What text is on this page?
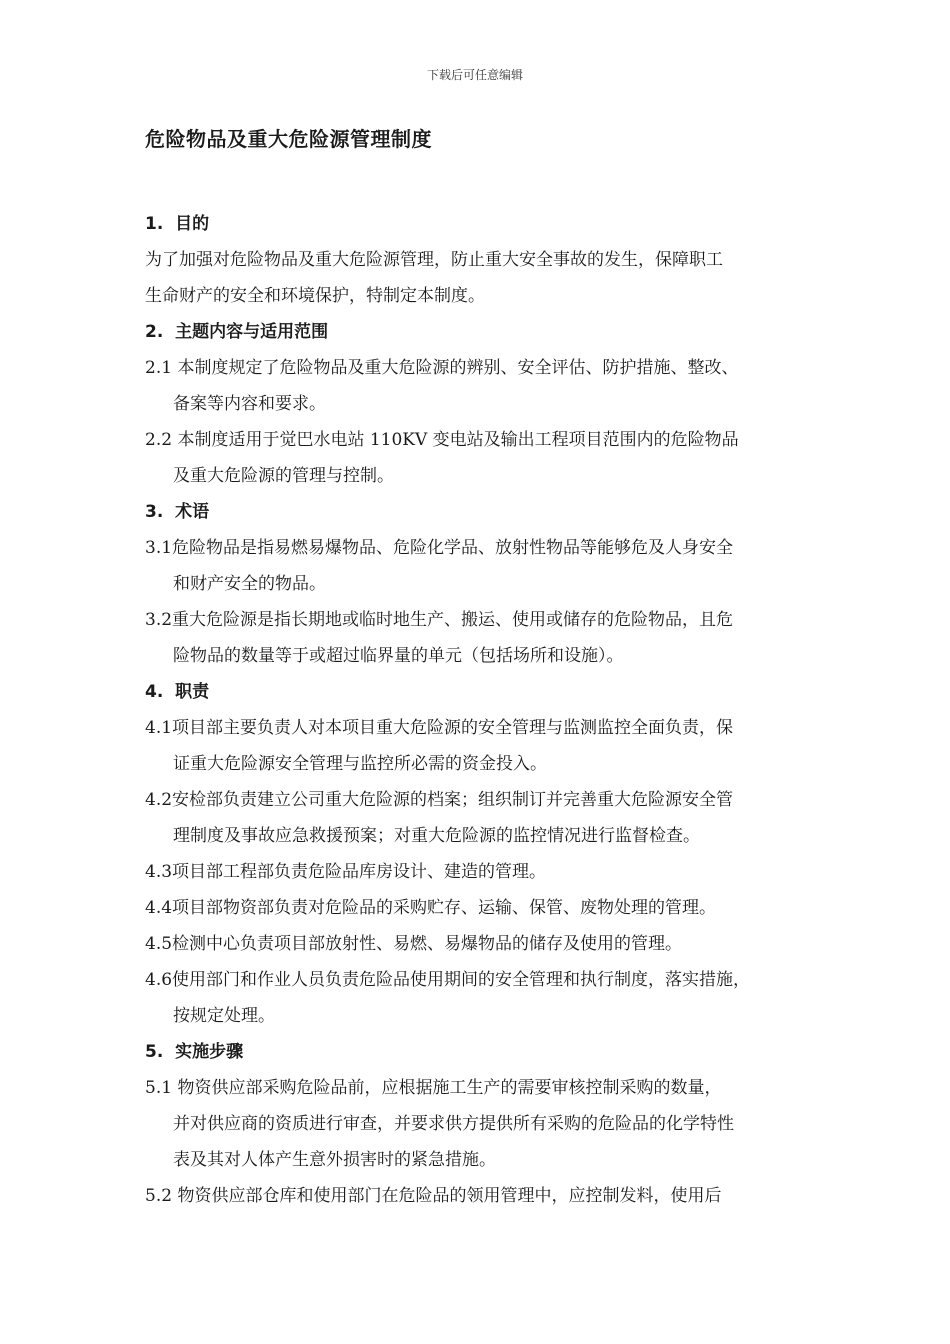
下载后可任意编辑
危险物品及重大危险源管理制度
1. 目的
为了加强对危险物品及重大危险源管理，防止重大安全事故的发生，保障职工
生命财产的安全和环境保护，特制定本制度。
2. 主题内容与适用范围
2.1 本制度规定了危险物品及重大危险源的辨别、安全评估、防护措施、整改、
备案等内容和要求。
2.2 本制度适用于觉巴水电站 110KV 变电站及输出工程项目范围内的危险物品
及重大危险源的管理与控制。
3. 术语
3.1危险物品是指易燃易爆物品、危险化学品、放射性物品等能够危及人身安全
和财产安全的物品。
3.2重大危险源是指长期地或临时地生产、搬运、使用或储存的危险物品，且危
险物品的数量等于或超过临界量的单元（包括场所和设施）。
4. 职责
4.1项目部主要负责人对本项目重大危险源的安全管理与监测监控全面负责，保
证重大危险源安全管理与监控所必需的资金投入。
4.2安检部负责建立公司重大危险源的档案；组织制订并完善重大危险源安全管
理制度及事故应急救援预案；对重大危险源的监控情况进行监督检查。
4.3项目部工程部负责危险品库房设计、建造的管理。
4.4项目部物资部负责对危险品的采购贮存、运输、保管、废物处理的管理。
4.5检测中心负责项目部放射性、易燃、易爆物品的储存及使用的管理。
4.6使用部门和作业人员负责危险品使用期间的安全管理和执行制度，落实措施，
按规定处理。
5. 实施步骤
5.1 物资供应部采购危险品前，应根据施工生产的需要审核控制采购的数量，
并对供应商的资质进行审查，并要求供方提供所有采购的危险品的化学特性
表及其对人体产生意外损害时的紧急措施。
5.2 物资供应部仓库和使用部门在危险品的领用管理中，应控制发料，使用后
